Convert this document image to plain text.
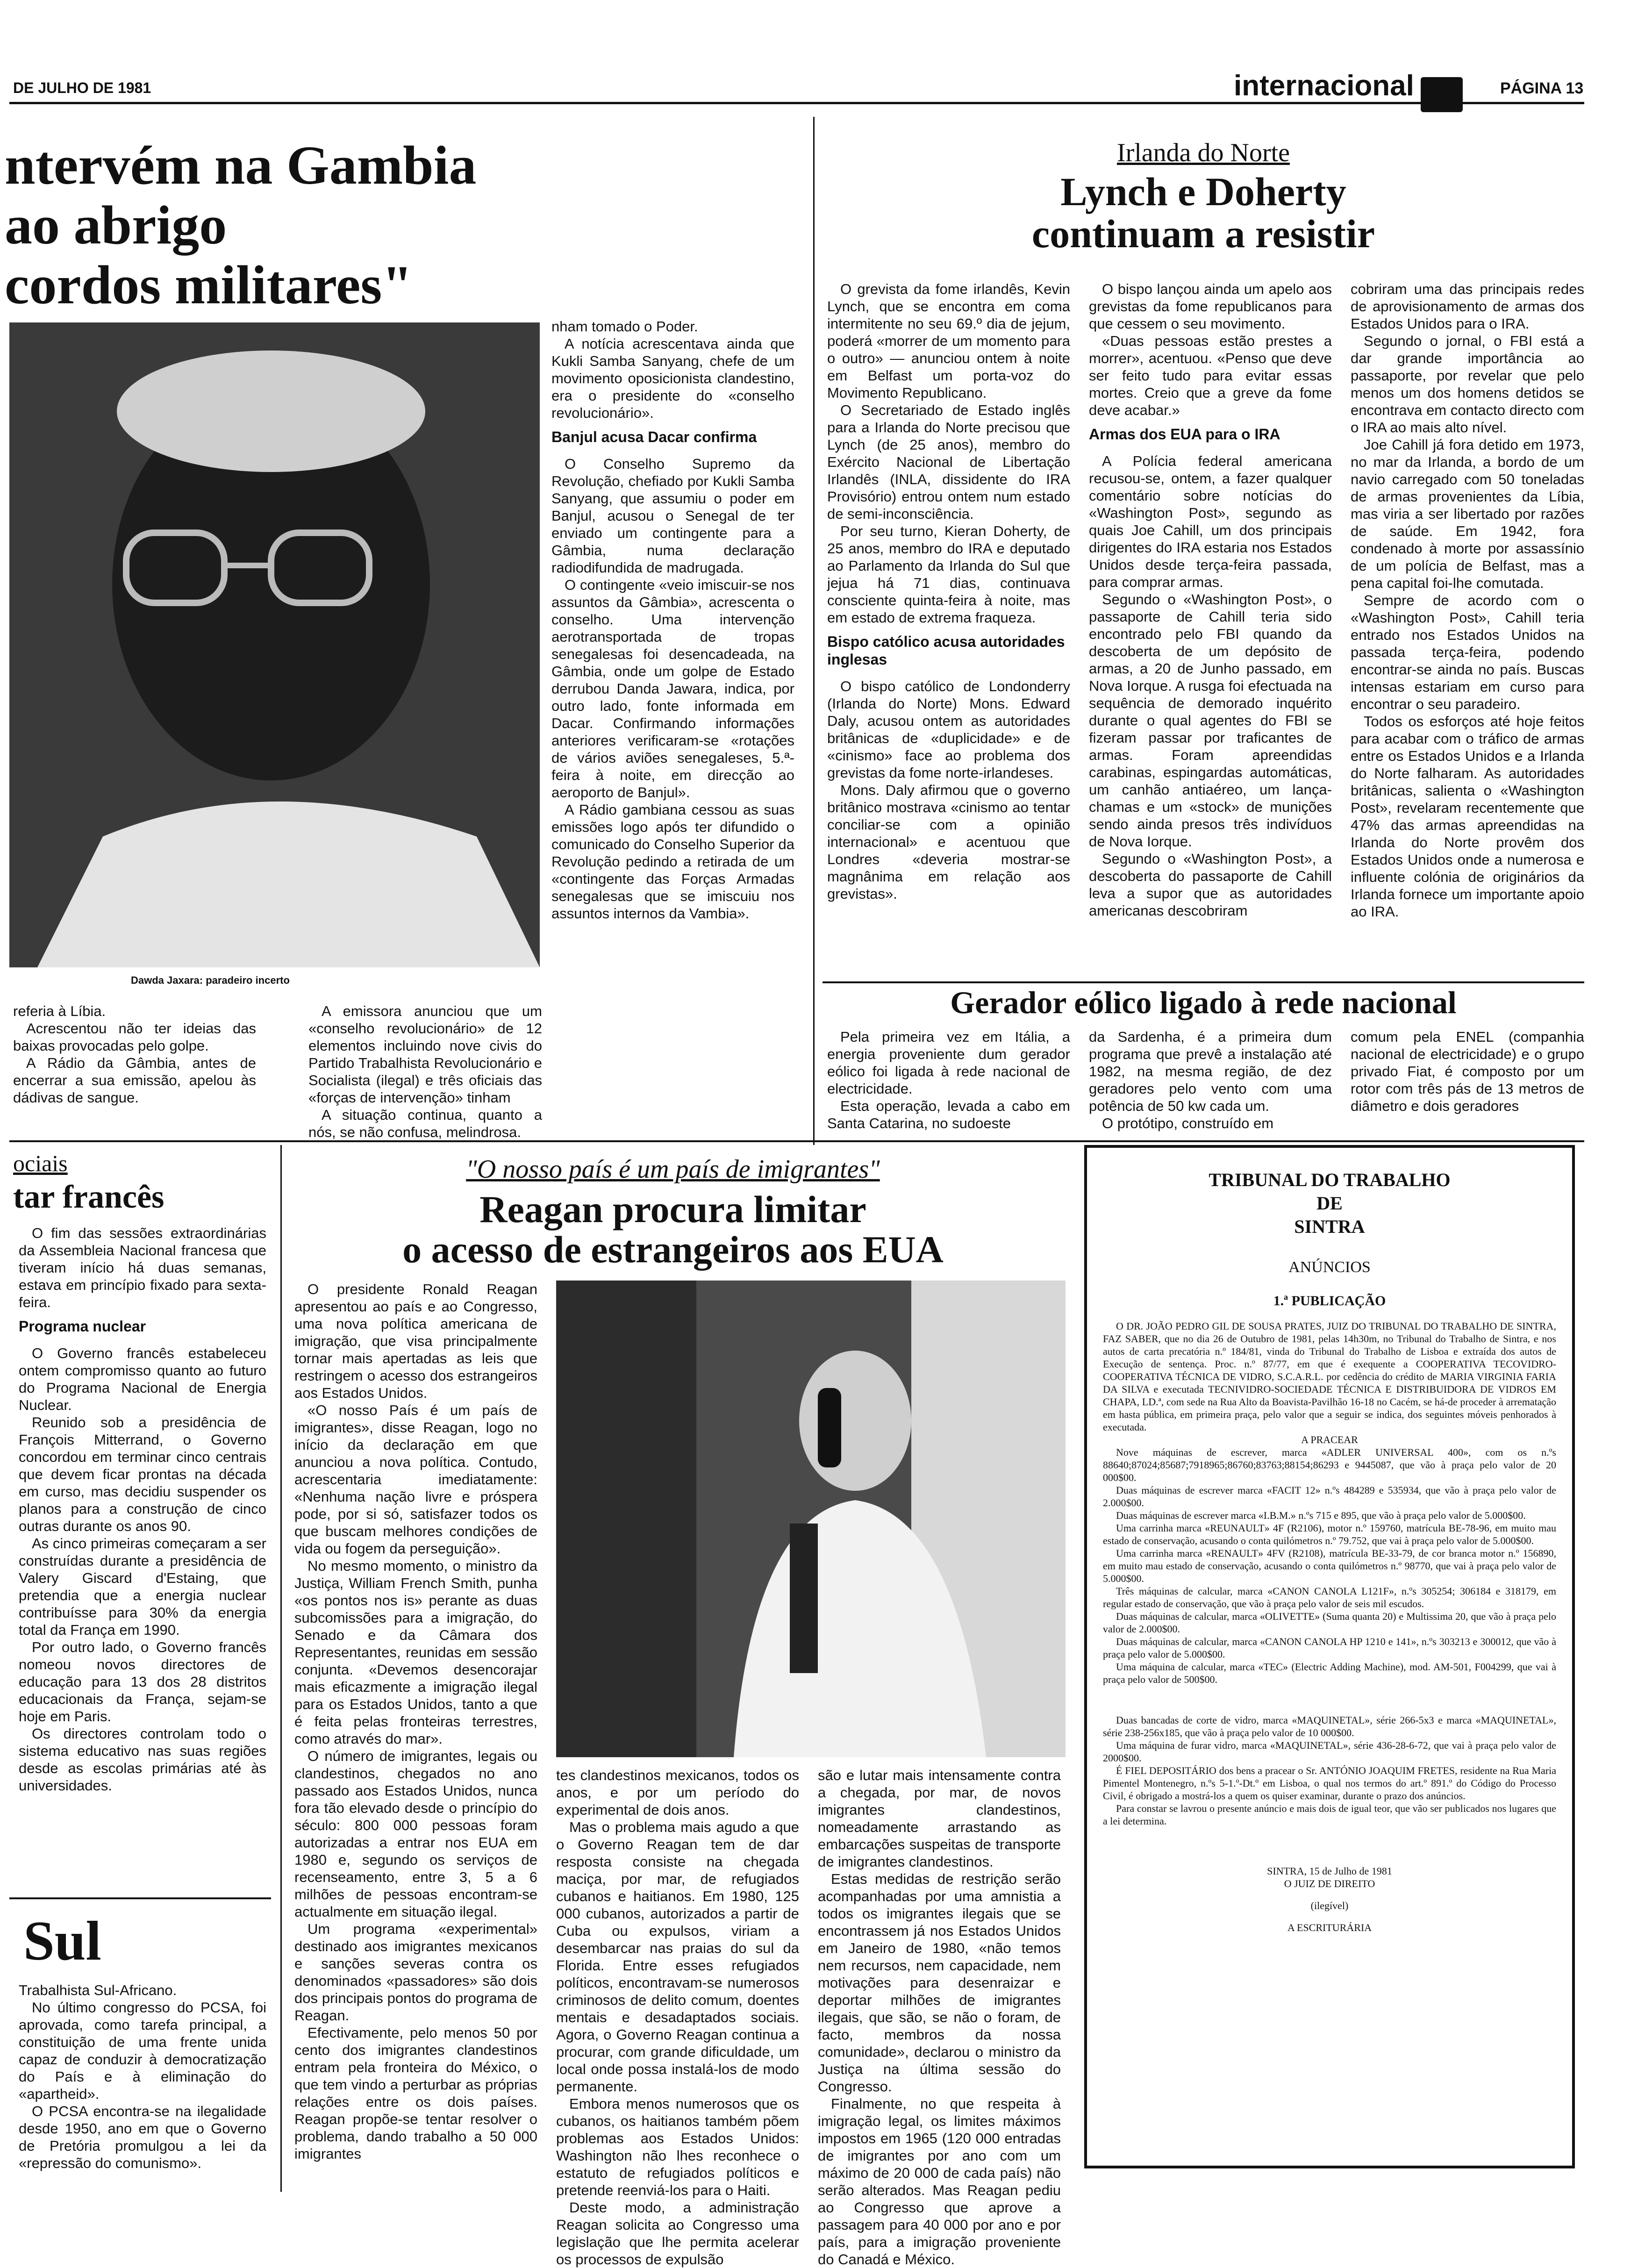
DE JULHO DE 1981	internacional	PÁGINA 13
ntervém na Gambia
ao abrigo
cordos militares"
Dawda Jaxara: paradeiro incerto

nham tomado o Poder.

A notícia acrescentava ainda que Kukli Samba Sanyang, chefe de um movimento oposicionista clandestino, era o presidente do «conselho revolucionário».

Banjul acusa Dacar confirma

O Conselho Supremo da Revolução, chefiado por Kukli Samba Sanyang, que assumiu o poder em Banjul, acusou o Senegal de ter enviado um contingente para a Gâmbia, numa declaração radiodifundida de madrugada.

O contingente «veio imiscuir-se nos assuntos da Gâmbia», acrescenta o conselho. Uma intervenção aerotransportada de tropas senegalesas foi desencadeada, na Gâmbia, onde um golpe de Estado derrubou Danda Jawara, indica, por outro lado, fonte informada em Dacar. Confirmando informações anteriores verificaram-se «rotações de vários aviões senegaleses, 5.ª-feira à noite, em direcção ao aeroporto de Banjul».

A Rádio gambiana cessou as suas emissões logo após ter difundido o comunicado do Conselho Superior da Revolução pedindo a retirada de um «contingente das Forças Armadas senegalesas que se imiscuiu nos assuntos internos da Vambia».

referia à Líbia.

Acrescentou não ter ideias das baixas provocadas pelo golpe.

A Rádio da Gâmbia, antes de encerrar a sua emissão, apelou às dádivas de sangue.

A emissora anunciou que um «conselho revolucionário» de 12 elementos incluindo nove civis do Partido Trabalhista Revolucionário e Socialista (ilegal) e três oficiais das «forças de intervenção» tinham

A situação continua, quanto a nós, se não confusa, melindrosa.

Irlanda do Norte
Lynch e Doherty
continuam a resistir

O grevista da fome irlandês, Kevin Lynch, que se encontra em coma intermitente no seu 69.º dia de jejum, poderá «morrer de um momento para o outro» — anunciou ontem à noite em Belfast um porta-voz do Movimento Republicano.

O Secretariado de Estado inglês para a Irlanda do Norte precisou que Lynch (de 25 anos), membro do Exército Nacional de Libertação Irlandês (INLA, dissidente do IRA Provisório) entrou ontem num estado de semi-inconsciência.

Por seu turno, Kieran Doherty, de 25 anos, membro do IRA e deputado ao Parlamento da Irlanda do Sul que jejua há 71 dias, continuava consciente quinta-feira à noite, mas em estado de extrema fraqueza.

Bispo católico acusa autoridades inglesas

O bispo católico de Londonderry (Irlanda do Norte) Mons. Edward Daly, acusou ontem as autoridades britânicas de «duplicidade» e de «cinismo» face ao problema dos grevistas da fome norte-irlandeses.

Mons. Daly afirmou que o governo britânico mostrava «cinismo ao tentar conciliar-se com a opinião internacional» e acentuou que Londres «deveria mostrar-se magnânima em relação aos grevistas».

O bispo lançou ainda um apelo aos grevistas da fome republicanos para que cessem o seu movimento.

«Duas pessoas estão prestes a morrer», acentuou. «Penso que deve ser feito tudo para evitar essas mortes. Creio que a greve da fome deve acabar.»

Armas dos EUA para o IRA

A Polícia federal americana recusou-se, ontem, a fazer qualquer comentário sobre notícias do «Washington Post», segundo as quais Joe Cahill, um dos principais dirigentes do IRA estaria nos Estados Unidos desde terça-feira passada, para comprar armas.

Segundo o «Washington Post», o passaporte de Cahill teria sido encontrado pelo FBI quando da descoberta de um depósito de armas, a 20 de Junho passado, em Nova Iorque. A rusga foi efectuada na sequência de demorado inquérito durante o qual agentes do FBI se fizeram passar por traficantes de armas. Foram apreendidas carabinas, espingardas automáticas, um canhão antiaéreo, um lança-chamas e um «stock» de munições sendo ainda presos três indivíduos de Nova Iorque.

Segundo o «Washington Post», a descoberta do passaporte de Cahill leva a supor que as autoridades americanas descobriram

cobriram uma das principais redes de aprovisionamento de armas dos Estados Unidos para o IRA.

Segundo o jornal, o FBI está a dar grande importância ao passaporte, por revelar que pelo menos um dos homens detidos se encontrava em contacto directo com o IRA ao mais alto nível.

Joe Cahill já fora detido em 1973, no mar da Irlanda, a bordo de um navio carregado com 50 toneladas de armas provenientes da Líbia, mas viria a ser libertado por razões de saúde. Em 1942, fora condenado à morte por assassínio de um polícia de Belfast, mas a pena capital foi-lhe comutada.

Sempre de acordo com o «Washington Post», Cahill teria entrado nos Estados Unidos na passada terça-feira, podendo encontrar-se ainda no país. Buscas intensas estariam em curso para encontrar o seu paradeiro.

Todos os esforços até hoje feitos para acabar com o tráfico de armas entre os Estados Unidos e a Irlanda do Norte falharam. As autoridades britânicas, salienta o «Washington Post», revelaram recentemente que 47% das armas apreendidas na Irlanda do Norte provêm dos Estados Unidos onde a numerosa e influente colónia de originários da Irlanda fornece um importante apoio ao IRA.

Gerador eólico ligado à rede nacional

Pela primeira vez em Itália, a energia proveniente dum gerador eólico foi ligada à rede nacional de electricidade.

Esta operação, levada a cabo em Santa Catarina, no sudoeste

da Sardenha, é a primeira dum programa que prevê a instalação até 1982, na mesma região, de dez geradores pelo vento com uma potência de 50 kw cada um.

O protótipo, construído em

comum pela ENEL (companhia nacional de electricidade) e o grupo privado Fiat, é composto por um rotor com três pás de 13 metros de diâmetro e dois geradores

ociais
tar francês

O fim das sessões extraordinárias da Assembleia Nacional francesa que tiveram início há duas semanas, estava em princípio fixado para sexta-feira.

Programa nuclear

O Governo francês estabeleceu ontem compromisso quanto ao futuro do Programa Nacional de Energia Nuclear.

Reunido sob a presidência de François Mitterrand, o Governo concordou em terminar cinco centrais que devem ficar prontas na década em curso, mas decidiu suspender os planos para a construção de cinco outras durante os anos 90.

As cinco primeiras começaram a ser construídas durante a presidência de Valery Giscard d'Estaing, que pretendia que a energia nuclear contribuísse para 30% da energia total da França em 1990.

Por outro lado, o Governo francês nomeou novos directores de educação para 13 dos 28 distritos educacionais da França, sejam-se hoje em Paris.

Os directores controlam todo o sistema educativo nas suas regiões desde as escolas primárias até às universidades.

Sul

Trabalhista Sul-Africano.

No último congresso do PCSA, foi aprovada, como tarefa principal, a constituição de uma frente unida capaz de conduzir à democratização do País e à eliminação do «apartheid».

O PCSA encontra-se na ilegalidade desde 1950, ano em que o Governo de Pretória promulgou a lei da «repressão do comunismo».

"O nosso país é um país de imigrantes"
Reagan procura limitar
o acesso de estrangeiros aos EUA

O presidente Ronald Reagan apresentou ao país e ao Congresso, uma nova política americana de imigração, que visa principalmente tornar mais apertadas as leis que restringem o acesso dos estrangeiros aos Estados Unidos.

«O nosso País é um país de imigrantes», disse Reagan, logo no início da declaração em que anunciou a nova política. Contudo, acrescentaria imediatamente: «Nenhuma nação livre e próspera pode, por si só, satisfazer todos os que buscam melhores condições de vida ou fogem da perseguição».

No mesmo momento, o ministro da Justiça, William French Smith, punha «os pontos nos is» perante as duas subcomissões para a imigração, do Senado e da Câmara dos Representantes, reunidas em sessão conjunta. «Devemos desencorajar mais eficazmente a imigração ilegal para os Estados Unidos, tanto a que é feita pelas fronteiras terrestres, como através do mar».

O número de imigrantes, legais ou clandestinos, chegados no ano passado aos Estados Unidos, nunca fora tão elevado desde o princípio do século: 800 000 pessoas foram autorizadas a entrar nos EUA em 1980 e, segundo os serviços de recenseamento, entre 3, 5 a 6 milhões de pessoas encontram-se actualmente em situação ilegal.

Um programa «experimental» destinado aos imigrantes mexicanos e sanções severas contra os denominados «passadores» são dois dos principais pontos do programa de Reagan.

Efectivamente, pelo menos 50 por cento dos imigrantes clandestinos entram pela fronteira do México, o que tem vindo a perturbar as próprias relações entre os dois países. Reagan propõe-se tentar resolver o problema, dando trabalho a 50 000 imigrantes

tes clandestinos mexicanos, todos os anos, e por um período do experimental de dois anos.

Mas o problema mais agudo a que o Governo Reagan tem de dar resposta consiste na chegada maciça, por mar, de refugiados cubanos e haitianos. Em 1980, 125 000 cubanos, autorizados a partir de Cuba ou expulsos, viriam a desembarcar nas praias do sul da Florida. Entre esses refugiados políticos, encontravam-se numerosos criminosos de delito comum, doentes mentais e desadaptados sociais. Agora, o Governo Reagan continua a procurar, com grande dificuldade, um local onde possa instalá-los de modo permanente.

Embora menos numerosos que os cubanos, os haitianos também põem problemas aos Estados Unidos: Washington não lhes reconhece o estatuto de refugiados políticos e pretende reenviá-los para o Haiti.

Deste modo, a administração Reagan solicita ao Congresso uma legislação que lhe permita acelerar os processos de expulsão

são e lutar mais intensamente contra a chegada, por mar, de novos imigrantes clandestinos, nomeadamente arrastando as embarcações suspeitas de transporte de imigrantes clandestinos.

Estas medidas de restrição serão acompanhadas por uma amnistia a todos os imigrantes ilegais que se encontrassem já nos Estados Unidos em Janeiro de 1980, «não temos nem recursos, nem capacidade, nem motivações para desenraizar e deportar milhões de imigrantes ilegais, que são, se não o foram, de facto, membros da nossa comunidade», declarou o ministro da Justiça na última sessão do Congresso.

Finalmente, no que respeita à imigração legal, os limites máximos impostos em 1965 (120 000 entradas de imigrantes por ano com um máximo de 20 000 de cada país) não serão alterados. Mas Reagan pediu ao Congresso que aprove a passagem para 40 000 por ano e por país, para a imigração proveniente do Canadá e México.

TRIBUNAL DO TRABALHO

DE

SINTRA

ANÚNCIOS

1.ª PUBLICAÇÃO

O DR. JOÃO PEDRO GIL DE SOUSA PRATES, JUIZ DO TRIBUNAL DO TRABALHO DE SINTRA, FAZ SABER, que no dia 26 de Outubro de 1981, pelas 14h30m, no Tribunal do Trabalho de Sintra, e nos autos de carta precatória n.º 184/81, vinda do Tribunal do Trabalho de Lisboa e extraída dos autos de Execução de sentença. Proc. n.º 87/77, em que é exequente a COOPERATIVA TECOVIDRO-COOPERATIVA TÉCNICA DE VIDRO, S.C.A.R.L. por cedência do crédito de MARIA VIRGINIA FARIA DA SILVA e executada TECNIVIDRO-SOCIEDADE TÉCNICA E DISTRIBUIDORA DE VIDROS EM CHAPA, LD.ª, com sede na Rua Alto da Boavista-Pavilhão 16-18 no Cacém, se há-de proceder à arrematação em hasta pública, em primeira praça, pelo valor que a seguir se indica, dos seguintes móveis penhorados à executada.

A PRACEAR

Nove máquinas de escrever, marca «ADLER UNIVERSAL 400», com os n.ºs 88640;87024;85687;7918965;86760;83763;88154;86293 e 9445087, que vão à praça pelo valor de 20 000$00.

Duas máquinas de escrever marca «FACIT 12» n.ºs 484289 e 535934, que vão à praça pelo valor de 2.000$00.

Duas máquinas de escrever marca «I.B.M.» n.ºs 715 e 895, que vão à praça pelo valor de 5.000$00.

Uma carrinha marca «REUNAULT» 4F (R2106), motor n.º 159760, matrícula BE-78-96, em muito mau estado de conservação, acusando o conta quilómetros n.º 79.752, que vai à praça pelo valor de 5.000$00.

Uma carrinha marca «RENAULT» 4FV (R2108), matrícula BE-33-79, de cor branca motor n.º 156890, em muito mau estado de conservação, acusando o conta quilómetros n.º 98770, que vai à praça pelo valor de 5.000$00.

Três máquinas de calcular, marca «CANON CANOLA L121F», n.ºs 305254; 306184 e 318179, em regular estado de conservação, que vão à praça pelo valor de seis mil escudos.

Duas máquinas de calcular, marca «OLIVETTE» (Suma quanta 20) e Multissima 20, que vão à praça pelo valor de 2.000$00.

Duas máquinas de calcular, marca «CANON CANOLA HP 1210 e 141», n.ºs 303213 e 300012, que vão à praça pelo valor de 5.000$00.

Uma máquina de calcular, marca «TEC» (Electric Adding Machine), mod. AM-501, F004299, que vai à praça pelo valor de 500$00.

Duas bancadas de corte de vidro, marca «MAQUINETAL», série 266-5x3 e marca «MAQUINETAL», série 238-256x185, que vão à praça pelo valor de 10 000$00.

Uma máquina de furar vidro, marca «MAQUINETAL», série 436-28-6-72, que vai à praça pelo valor de 2000$00.

É FIEL DEPOSITÁRIO dos bens a pracear o Sr. ANTÓNIO JOAQUIM FRETES, residente na Rua Maria Pimentel Montenegro, n.ºs 5-1.º-Dt.º em Lisboa, o qual nos termos do art.º 891.º do Código do Processo Civil, é obrigado a mostrá-los a quem os quiser examinar, durante o prazo dos anúncios.

Para constar se lavrou o presente anúncio e mais dois de igual teor, que vão ser publicados nos lugares que a lei determina.

SINTRA, 15 de Julho de 1981

O JUIZ DE DIREITO

(ilegível)

A ESCRITURÁRIA
